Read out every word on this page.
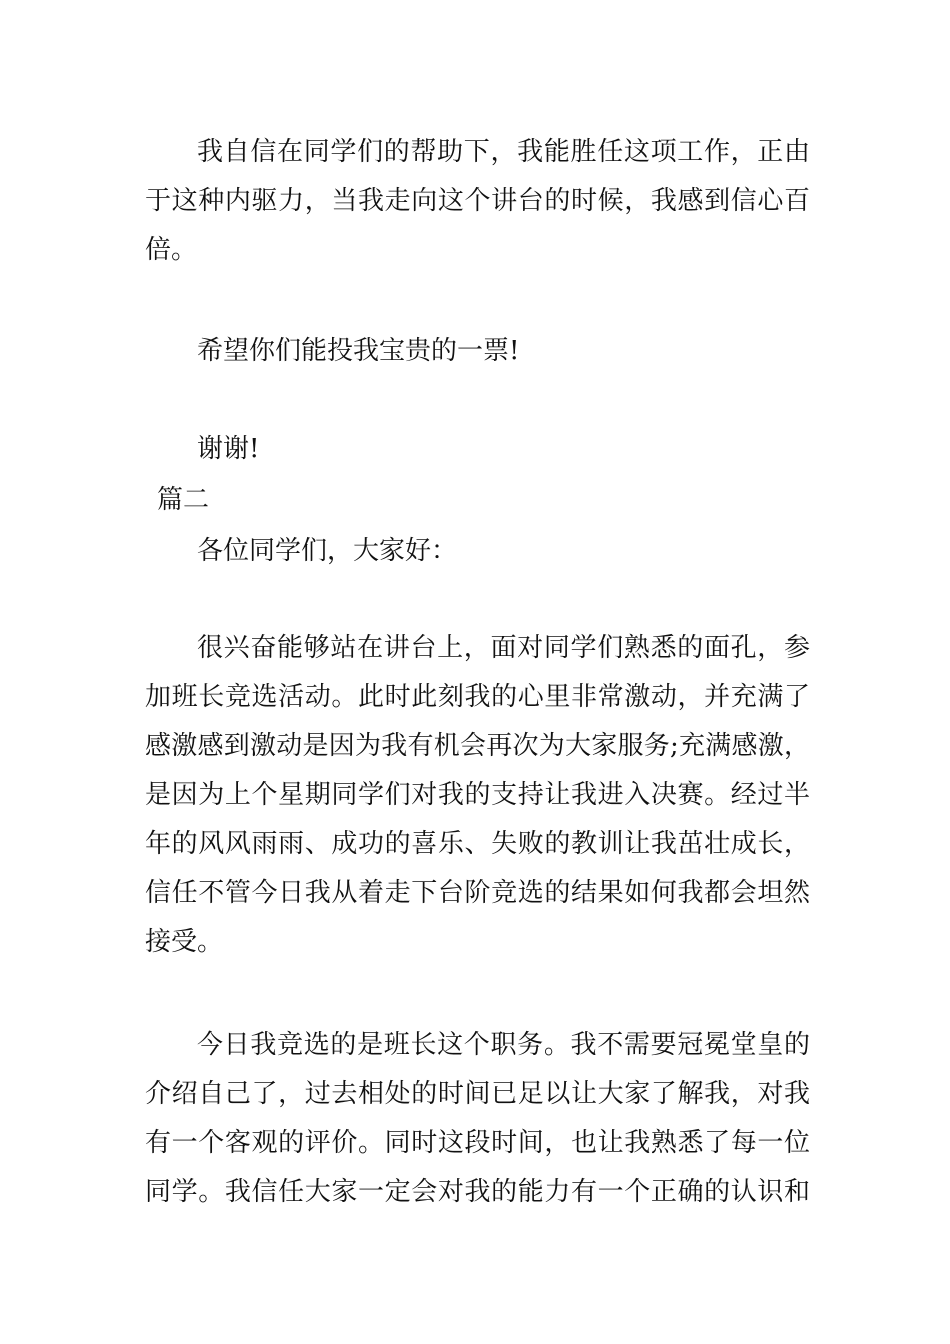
我自信在同学们的帮助下，我能胜任这项工作，正由
于这种内驱力，当我走向这个讲台的时候，我感到信心百
倍。
希望你们能投我宝贵的一票!
谢谢!
篇二
各位同学们，大家好：
很兴奋能够站在讲台上，面对同学们熟悉的面孔，参
加班长竞选活动。此时此刻我的心里非常激动，并充满了
感激感到激动是因为我有机会再次为大家服务;充满感激，
是因为上个星期同学们对我的支持让我进入决赛。经过半
年的风风雨雨、成功的喜乐、失败的教训让我茁壮成长，
信任不管今日我从着走下台阶竞选的结果如何我都会坦然
接受。
今日我竞选的是班长这个职务。我不需要冠冕堂皇的
介绍自己了，过去相处的时间已足以让大家了解我，对我
有一个客观的评价。同时这段时间，也让我熟悉了每一位
同学。我信任大家一定会对我的能力有一个正确的认识和
